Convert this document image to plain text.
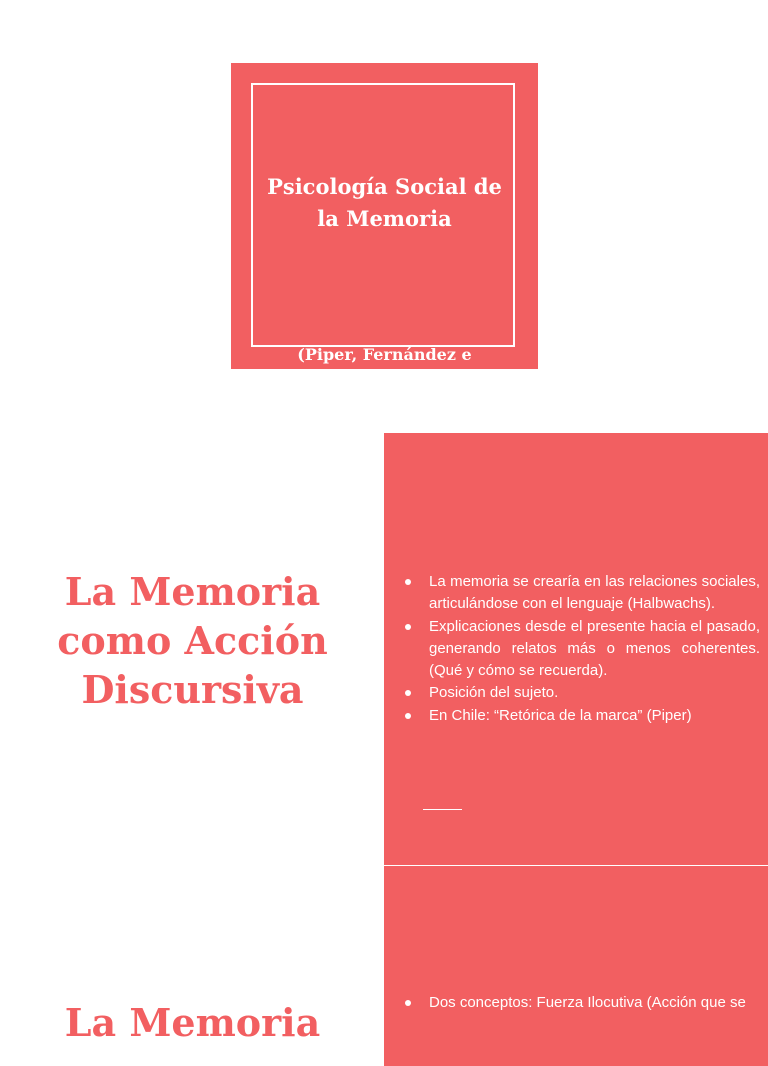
Psicología Social de
la Memoria
(Piper, Fernández e Iñiguez, 2013)
La Memoria
como Acción
Discursiva
La memoria se crearía en las relaciones sociales, articulándose con el lenguaje (Halbwachs).
Explicaciones desde el presente hacia el pasado, generando relatos más o menos coherentes. (Qué y cómo se recuerda).
Posición del sujeto.
En Chile: “Retórica de la marca” (Piper)
La Memoria	Dos conceptos: Fuerza Ilocutiva (Acción que se
